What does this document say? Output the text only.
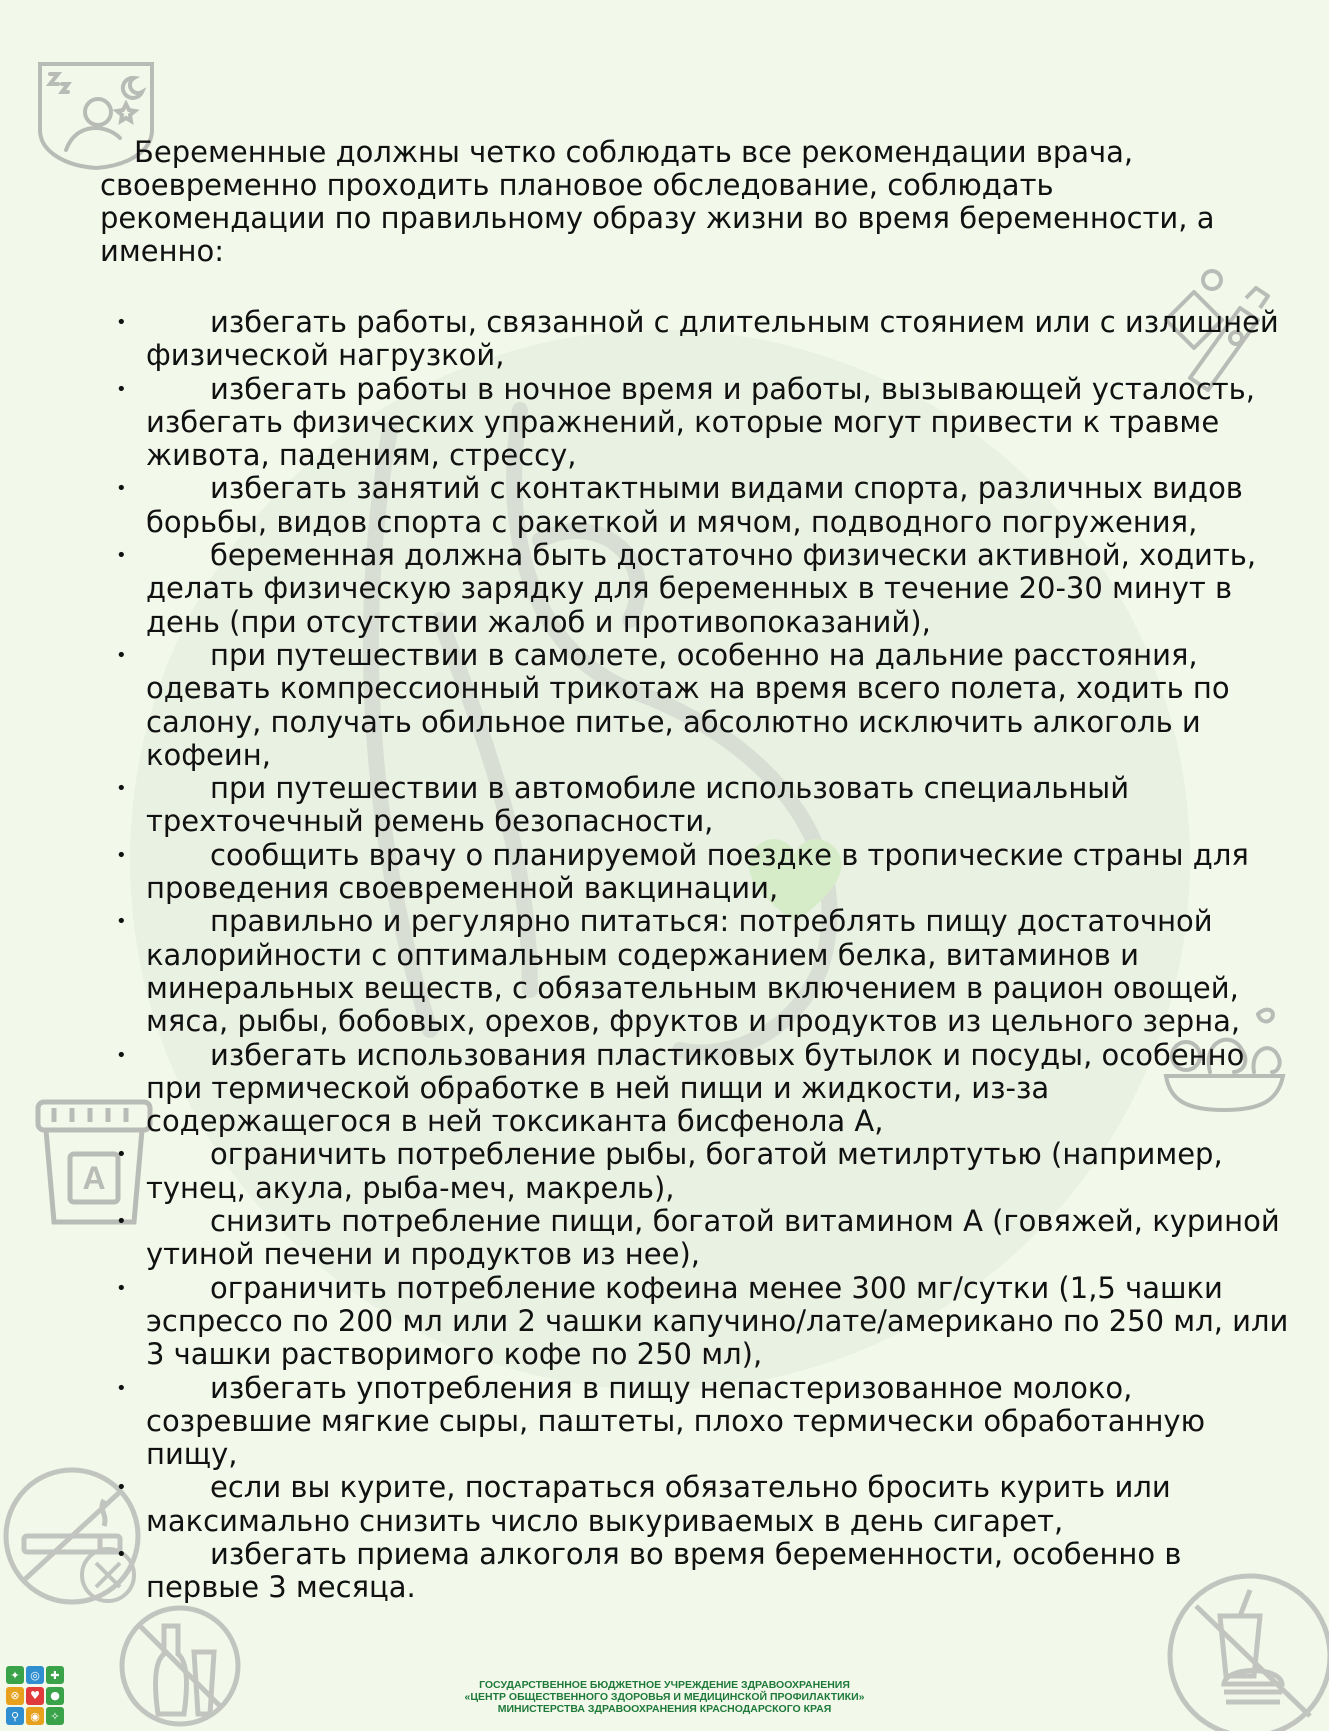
A

Беременные должны четко соблюдать все рекомендации врача, своевременно проходить плановое обследование, соблюдать рекомендации по правильному образу жизни во время беременности, а именно:

•	избегать работы, связанной с длительным стоянием или с излишней физической нагрузкой,
•	избегать работы в ночное время и работы, вызывающей усталость, избегать физических упражнений, которые могут привести к травме живота, падениям, стрессу,
•	избегать занятий с контактными видами спорта, различных видов борьбы, видов спорта с ракеткой и мячом, подводного погружения,
•	беременная должна быть достаточно физически активной, ходить, делать физическую зарядку для беременных в течение 20-30 минут в день (при отсутствии жалоб и противопоказаний),
•	при путешествии в самолете, особенно на дальние расстояния, одевать компрессионный трикотаж на время всего полета, ходить по салону, получать обильное питье, абсолютно исключить алкоголь и кофеин,
•	при путешествии в автомобиле использовать специальный трехточечный ремень безопасности,
•	сообщить врачу о планируемой поездке в тропические страны для проведения своевременной вакцинации,
•	правильно и регулярно питаться: потреблять пищу достаточной калорийности с оптимальным содержанием белка, витаминов и минеральных веществ, с обязательным включением в рацион овощей, мяса, рыбы, бобовых, орехов, фруктов и продуктов из цельного зерна,
•	избегать использования пластиковых бутылок и посуды, особенно при термической обработке в ней пищи и жидкости, из-за содержащегося в ней токсиканта бисфенола А,
•	ограничить потребление рыбы, богатой метилртутью (например, тунец, акула, рыба-меч, макрель),
•	снизить потребление пищи, богатой витамином А (говяжей, куриной утиной печени и продуктов из нее),
•	ограничить потребление кофеина менее 300 мг/сутки (1,5 чашки эспрессо по 200 мл или 2 чашки капучино/лате/американо по 250 мл, или 3 чашки растворимого кофе по 250 мл),
•	избегать употребления в пищу непастеризованное молоко, созревшие мягкие сыры, паштеты, плохо термически обработанную пищу,
•	если вы курите, постараться обязательно бросить курить или максимально снизить число выкуриваемых в день сигарет,
•	избегать приема алкоголя во время беременности, особенно в первые 3 месяца.
✦ ◎ ✚
⊗ ♥ ●
⚲	◉ ✧
ГОСУДАРСТВЕННОЕ БЮДЖЕТНОЕ УЧРЕЖДЕНИЕ ЗДРАВООХРАНЕНИЯ
«ЦЕНТР ОБЩЕСТВЕННОГО ЗДОРОВЬЯ И МЕДИЦИНСКОЙ ПРОФИЛАКТИКИ»
МИНИСТЕРСТВА ЗДРАВООХРАНЕНИЯ КРАСНОДАРСКОГО КРАЯ
